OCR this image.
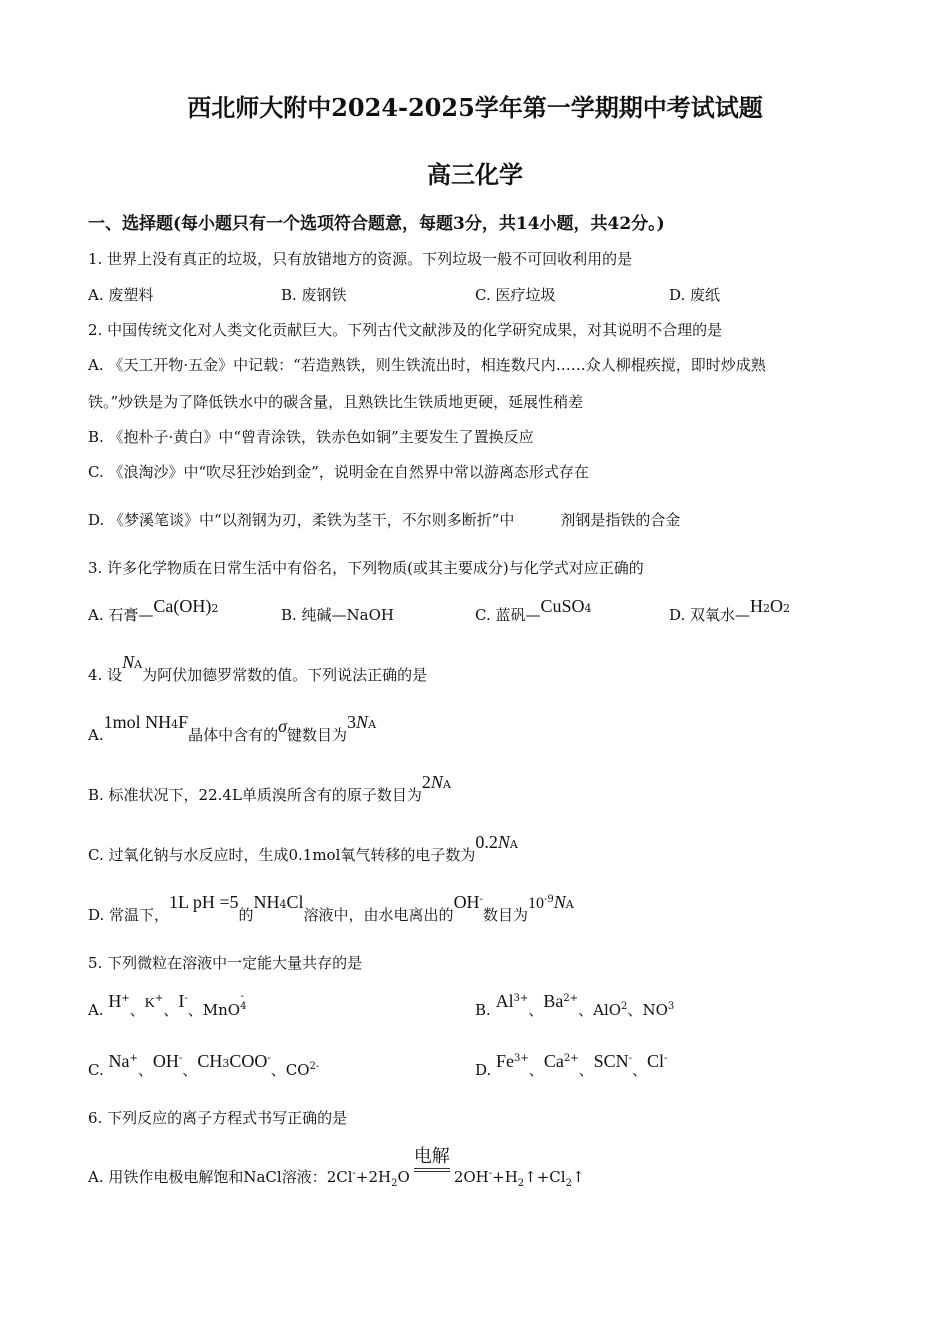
西北师大附中2024-2025学年第一学期期中考试试题
高三化学
一、选择题(每小题只有一个选项符合题意，每题3分，共14小题，共42分。)
1. 世界上没有真正的垃圾，只有放错地方的资源。下列垃圾一般不可回收利用的是
A. 废塑料	B. 废钢铁	C. 医疗垃圾	D. 废纸
2. 中国传统文化对人类文化贡献巨大。下列古代文献涉及的化学研究成果，对其说明不合理的是
A. 《天工开物·五金》中记载：“若造熟铁，则生铁流出时，相连数尺内……众人柳棍疾搅，即时炒成熟
铁。”炒铁是为了降低铁水中的碳含量，且熟铁比生铁质地更硬，延展性稍差
B. 《抱朴子·黄白》中“曾青涂铁，铁赤色如铜”主要发生了置换反应
C. 《浪淘沙》中“吹尽狂沙始到金”，说明金在自然界中常以游离态形式存在
D. 《梦溪笔谈》中“以剂钢为刃，柔铁为茎干，不尔则多断折”中	剂钢是指铁的合金
3. 许多化学物质在日常生活中有俗名，下列物质(或其主要成分)与化学式对应正确的
A. 石膏—Ca(OH)2	B. 纯碱—NaOH	C. 蓝矾—CuSO4	D. 双氧水—H2O2
4. 设NA为阿伏加德罗常数的值。下列说法正确的是
A.1mol NH4F晶体中含有的σ键数目为3NA
B. 标准状况下，22.4L单质溴所含有的原子数目为2NA
C. 过氧化钠与水反应时，生成0.1mol氧气转移的电子数为0.2NA
D. 常温下，1L pH =5的NH4Cl溶液中，由水电离出的OH-数目为$10^{-9}NA$
5. 下列微粒在溶液中一定能大量共存的是
A. H+、K+、I-、MnO$^{4-}$
B. $Al^{3+}$、$Ba^{2+}$、AlO$^2$、$NO^3$
C. Na+、OH-、CH3COO-、$CO^{2-}$	D. $Fe^{3+}$、$Ca^{2+}$、SCN-、Cl-
6. 下列反应的离子方程式书写正确的是
A. 用铁作电极电解饱和NaCl溶液：$2Cl^-+2H_2O$
电解
$2OH^-+H_2↑+Cl_2↑$
